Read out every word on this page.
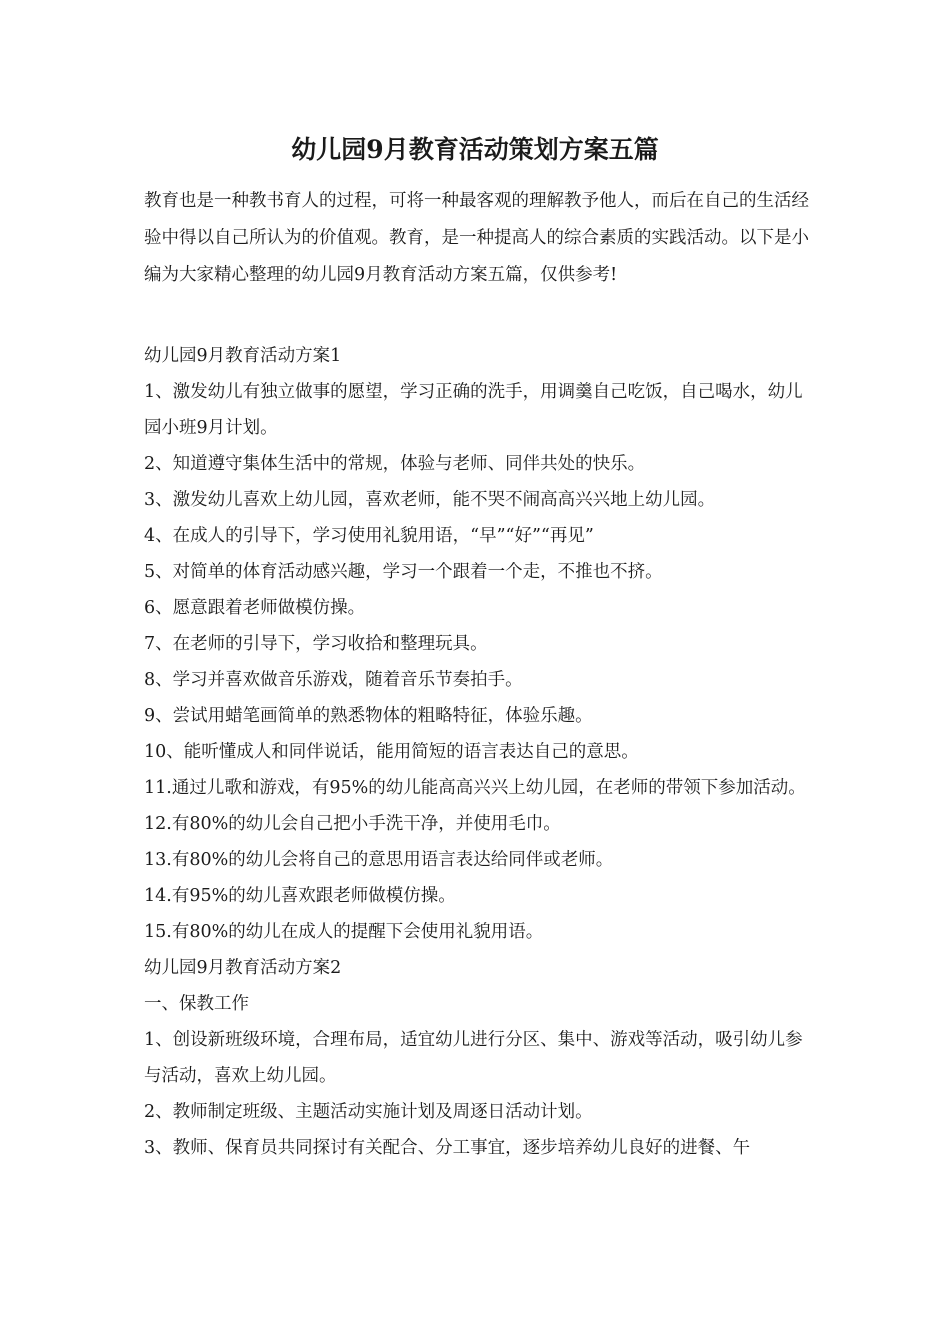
幼儿园9月教育活动策划方案五篇

教育也是一种教书育人的过程，可将一种最客观的理解教予他人，而后在自己的生活经验中得以自己所认为的价值观。教育，是一种提高人的综合素质的实践活动。以下是小编为大家精心整理的幼儿园9月教育活动方案五篇，仅供参考!

幼儿园9月教育活动方案1

1、激发幼儿有独立做事的愿望，学习正确的洗手，用调羹自己吃饭，自己喝水，幼儿园小班9月计划。

2、知道遵守集体生活中的常规，体验与老师、同伴共处的快乐。

3、激发幼儿喜欢上幼儿园，喜欢老师，能不哭不闹高高兴兴地上幼儿园。

4、在成人的引导下，学习使用礼貌用语，“早”“好”“再见”

5、对简单的体育活动感兴趣，学习一个跟着一个走，不推也不挤。

6、愿意跟着老师做模仿操。

7、在老师的引导下，学习收拾和整理玩具。

8、学习并喜欢做音乐游戏，随着音乐节奏拍手。

9、尝试用蜡笔画简单的熟悉物体的粗略特征，体验乐趣。

10、能听懂成人和同伴说话，能用简短的语言表达自己的意思。

11.通过儿歌和游戏，有95%的幼儿能高高兴兴上幼儿园，在老师的带领下参加活动。

12.有80%的幼儿会自己把小手洗干净，并使用毛巾。

13.有80%的幼儿会将自己的意思用语言表达给同伴或老师。

14.有95%的幼儿喜欢跟老师做模仿操。

15.有80%的幼儿在成人的提醒下会使用礼貌用语。

幼儿园9月教育活动方案2

一、保教工作

1、创设新班级环境，合理布局，适宜幼儿进行分区、集中、游戏等活动，吸引幼儿参与活动，喜欢上幼儿园。

2、教师制定班级、主题活动实施计划及周逐日活动计划。

3、教师、保育员共同探讨有关配合、分工事宜，逐步培养幼儿良好的进餐、午
